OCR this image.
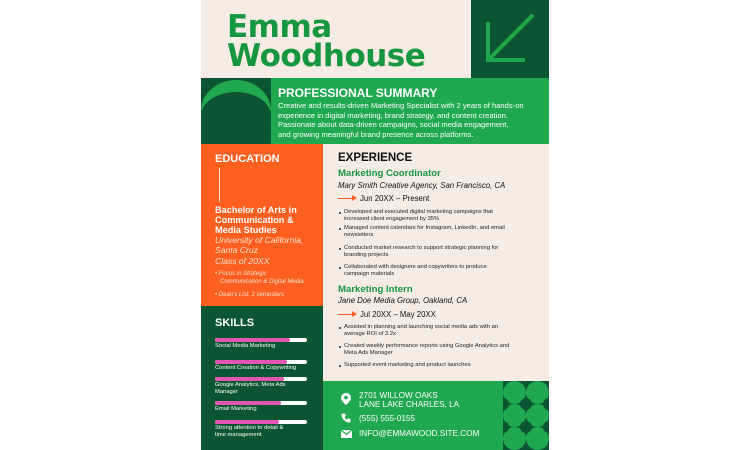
Emma
Woodhouse
PROFESSIONAL SUMMARY
Creative and results-driven Marketing Specialist with 2 years of hands-on
experience in digital marketing, brand strategy, and content creation.
Passionate about data-driven campaigns, social media engagement,
and growing meaningful brand presence across platforms.
EDUCATION
Bachelor of Arts in
Communication &
Media Studies
University of California,
Santa Cruz
Class of 20XX
• Focus in Strategic
Communication & Digital Media
• Dean's List, 2 semesters
SKILLS
Social Media Marketing
Content Creation & Copywriting
Google Analytics, Meta Ads
Manager
Email Marketing
Strong attention to detail &
time management
EXPERIENCE
Marketing Coordinator
Mary Smith Creative Agency, San Francisco, CA
Jun 20XX – Present
Developed and executed digital marketing campaigns that
increased client engagement by 35%
Managed content calendars for Instagram, LinkedIn, and email
newsletters
Conducted market research to support strategic planning for
branding projects
Collaborated with designers and copywriters to produce
campaign materials
Marketing Intern
Jane Doe Media Group, Oakland, CA
Jul 20XX – May 20XX
Assisted in planning and launching social media ads with an
average ROI of 3.2x
Created weekly performance reports using Google Analytics and
Meta Ads Manager
Supported event marketing and product launches
2701 WILLOW OAKS
LANE LAKE CHARLES, LA
(555) 555-0155
INFO@EMMAWOOD.SITE.COM
